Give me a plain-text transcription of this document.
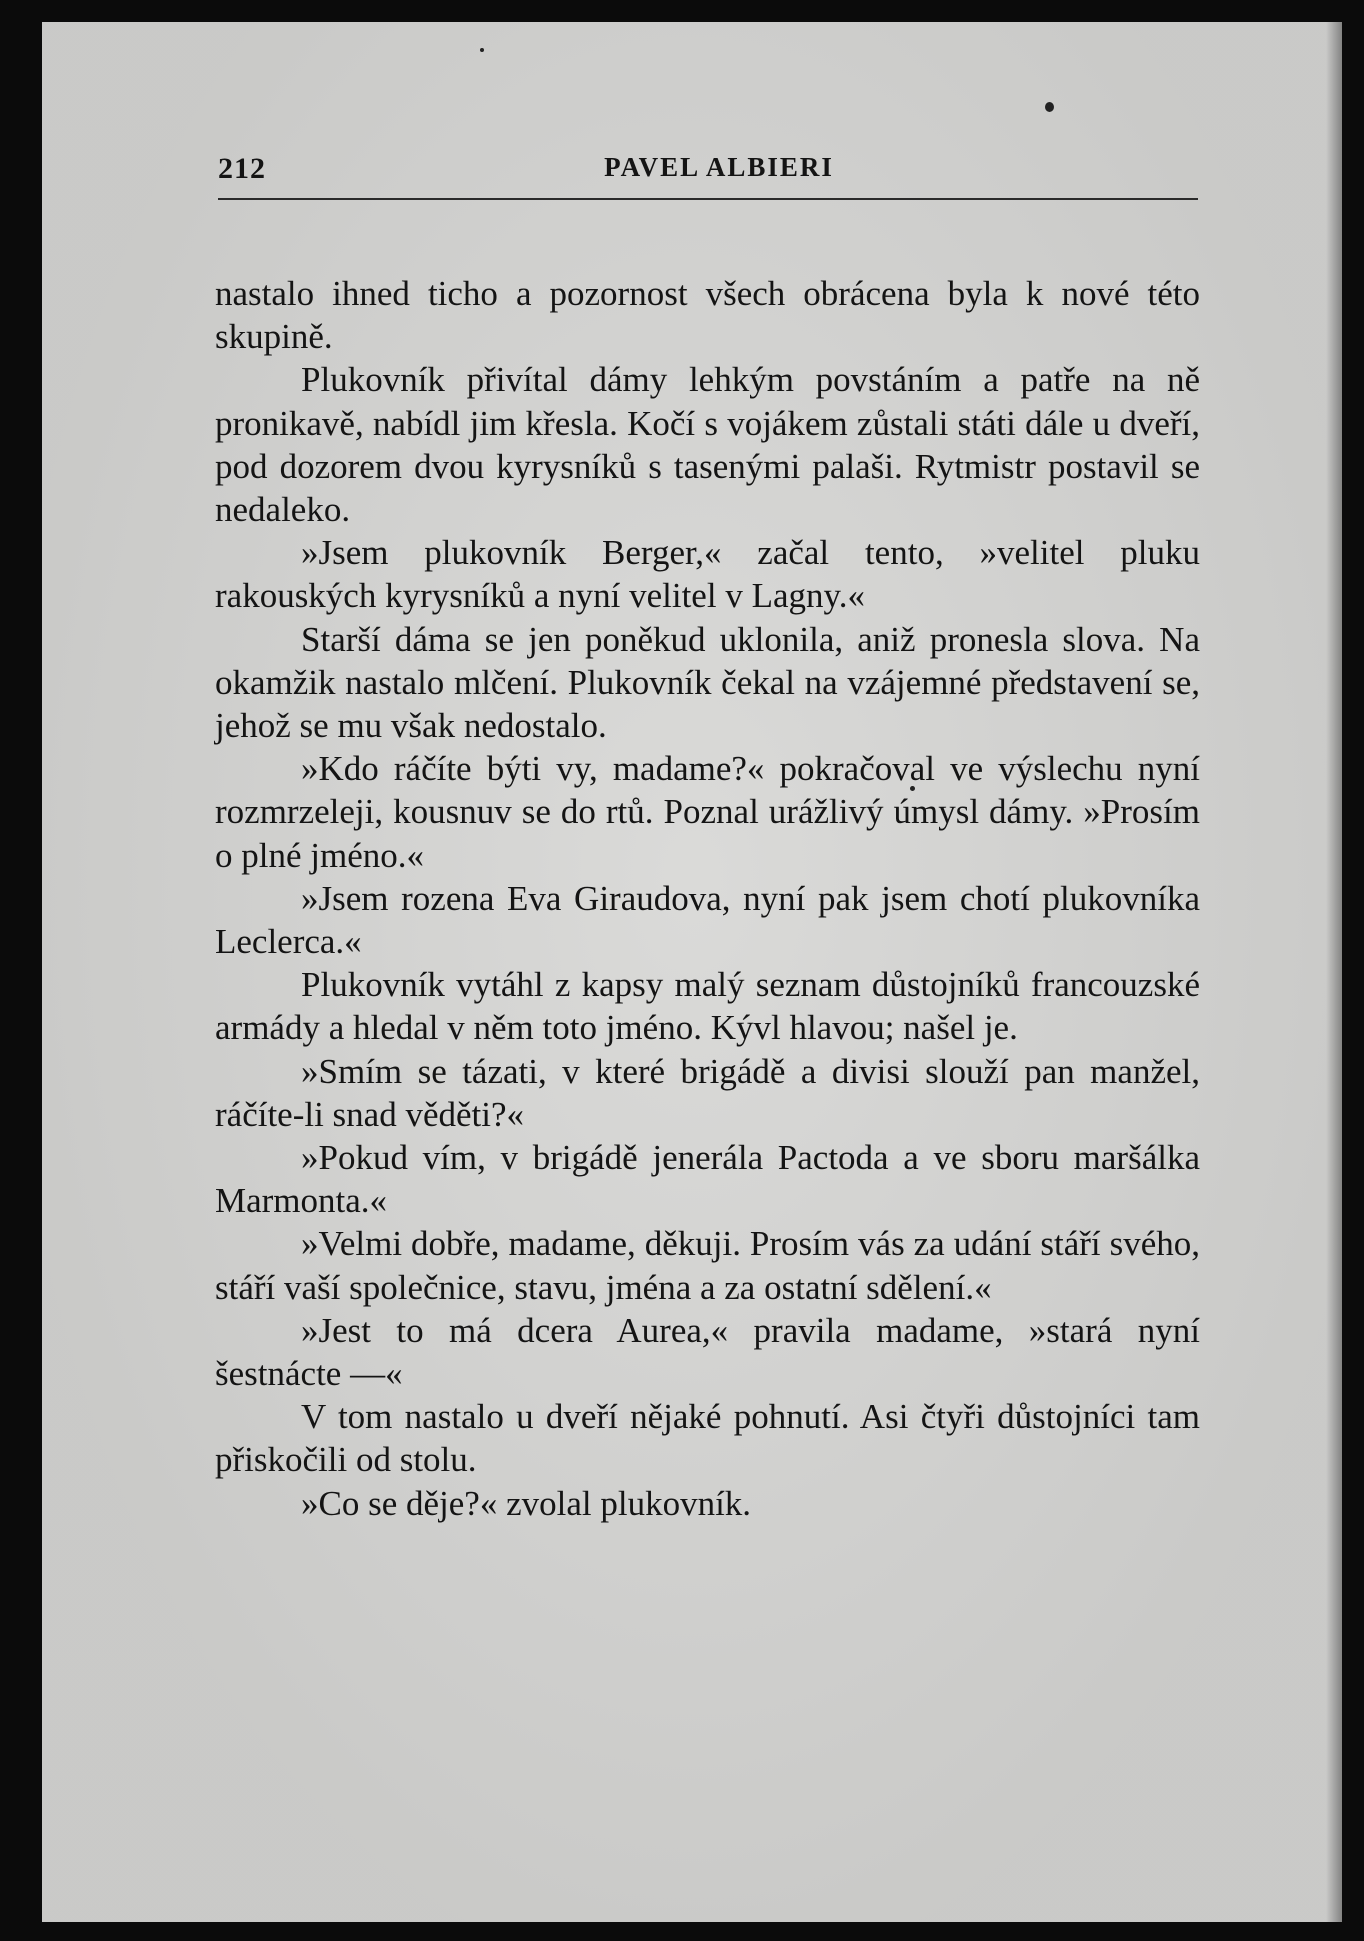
212	PAVEL ALBIERI

nastalo ihned ticho a pozornost všech obrácena byla k nové této skupině.

Plukovník přivítal dámy lehkým povstáním a patře na ně pronikavě, nabídl jim křesla. Kočí s vojákem zůstali státi dále u dveří, pod dozorem dvou kyrysníků s tasenými palaši. Rytmistr postavil se nedaleko.

»Jsem plukovník Berger,« začal tento, »velitel pluku rakouských kyrysníků a nyní velitel v Lagny.«

Starší dáma se jen poněkud uklonila, aniž pronesla slova. Na okamžik nastalo mlčení. Plukovník čekal na vzájemné představení se, jehož se mu však nedostalo.

»Kdo ráčíte býti vy, madame?« pokračoval ve výslechu nyní rozmrzeleji, kousnuv se do rtů. Poznal urážlivý úmysl dámy. »Prosím o plné jméno.«

»Jsem rozena Eva Giraudova, nyní pak jsem chotí plukovníka Leclerca.«

Plukovník vytáhl z kapsy malý seznam důstojníků francouzské armády a hledal v něm toto jméno. Kývl hlavou; našel je.

»Smím se tázati, v které brigádě a divisi slouží pan manžel, ráčíte-li snad věděti?«

»Pokud vím, v brigádě jenerála Pactoda a ve sboru maršálka Marmonta.«

»Velmi dobře, madame, děkuji. Prosím vás za udání stáří svého, stáří vaší společnice, stavu, jména a za ostatní sdělení.«

»Jest to má dcera Aurea,« pravila madame, »stará nyní šestnácte —«

V tom nastalo u dveří nějaké pohnutí. Asi čtyři důstojníci tam přiskočili od stolu.

»Co se děje?« zvolal plukovník.
